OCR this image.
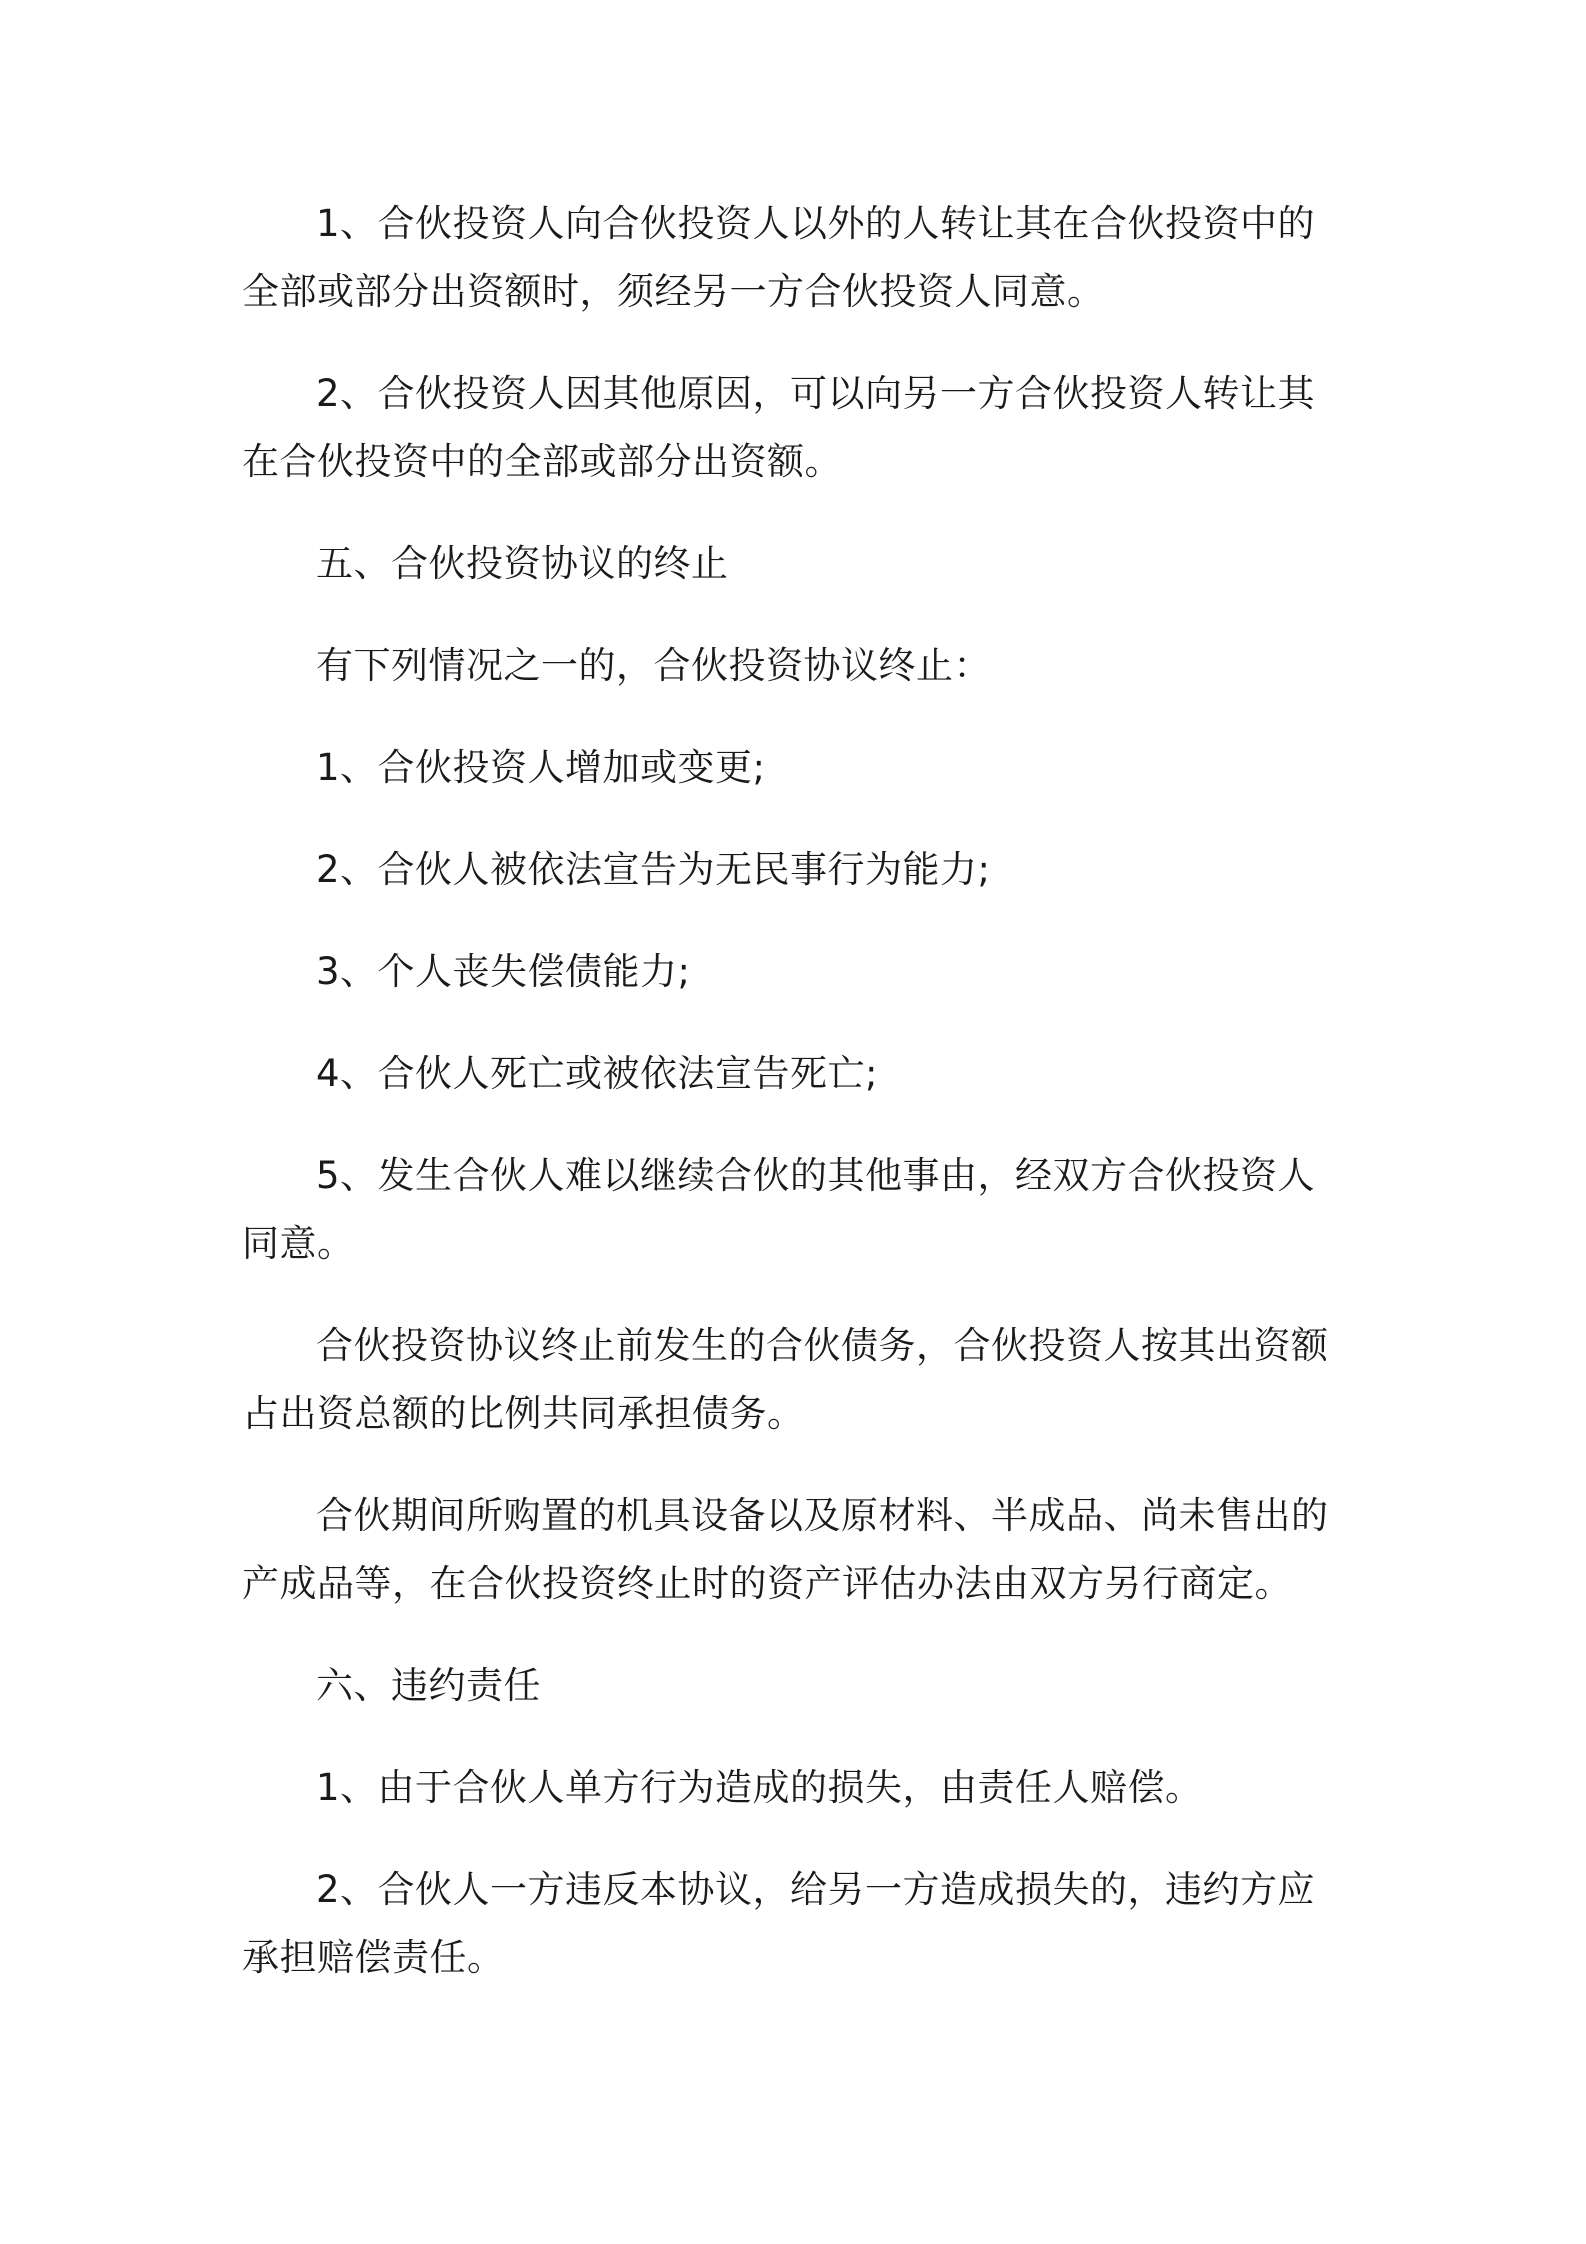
1、合伙投资人向合伙投资人以外的人转让其在合伙投资中的全部或部分出资额时，须经另一方合伙投资人同意。

2、合伙投资人因其他原因，可以向另一方合伙投资人转让其在合伙投资中的全部或部分出资额。

五、合伙投资协议的终止

有下列情况之一的，合伙投资协议终止：

1、合伙投资人增加或变更;

2、合伙人被依法宣告为无民事行为能力;

3、个人丧失偿债能力;

4、合伙人死亡或被依法宣告死亡;

5、发生合伙人难以继续合伙的其他事由，经双方合伙投资人同意。

合伙投资协议终止前发生的合伙债务，合伙投资人按其出资额占出资总额的比例共同承担债务。

合伙期间所购置的机具设备以及原材料、半成品、尚未售出的产成品等，在合伙投资终止时的资产评估办法由双方另行商定。

六、违约责任

1、由于合伙人单方行为造成的损失，由责任人赔偿。

2、合伙人一方违反本协议，给另一方造成损失的，违约方应承担赔偿责任。
